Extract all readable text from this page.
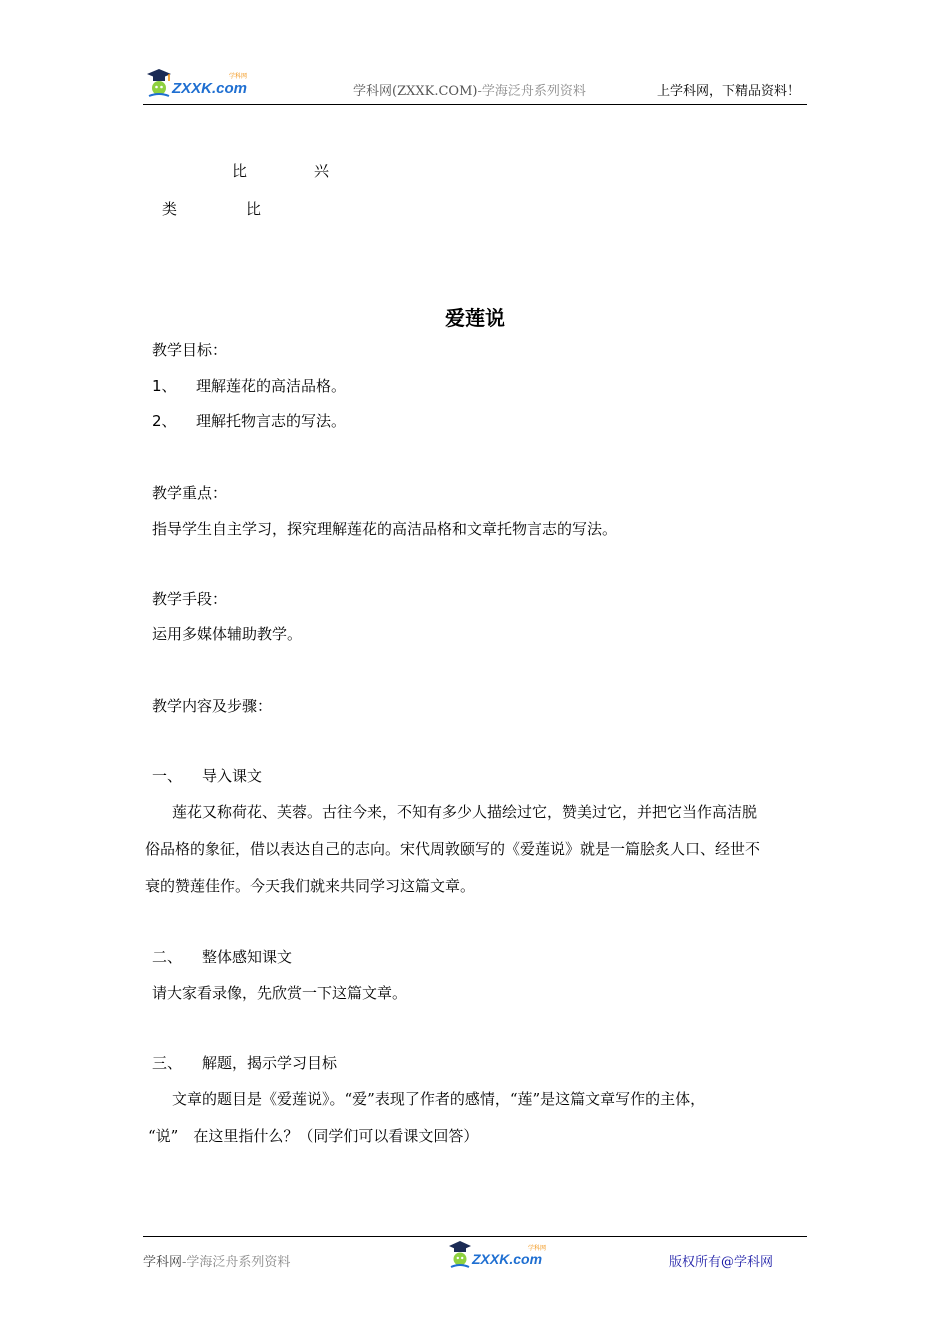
ZXXK.com
学科网
学科网(ZXXK.COM)-学海泛舟系列资料	上学科网，下精品资料！
比	兴
类	比
爱莲说
教学目标：
1、 理解莲花的高洁品格。
2、 理解托物言志的写法。
教学重点：
指导学生自主学习，探究理解莲花的高洁品格和文章托物言志的写法。
教学手段：
运用多媒体辅助教学。
教学内容及步骤：
一、 导入课文
莲花又称荷花、芙蓉。古往今来，不知有多少人描绘过它，赞美过它，并把它当作高洁脱
俗品格的象征，借以表达自己的志向。宋代周敦颐写的《爱莲说》就是一篇脍炙人口、经世不
衰的赞莲佳作。今天我们就来共同学习这篇文章。
二、 整体感知课文
请大家看录像，先欣赏一下这篇文章。
三、 解题，揭示学习目标
文章的题目是《爱莲说》。“爱”表现了作者的感情，“莲”是这篇文章写作的主体，
“说”　在这里指什么？（同学们可以看课文回答）
学科网-学海泛舟系列资料	ZXXK.com
学科网
版权所有@学科网
